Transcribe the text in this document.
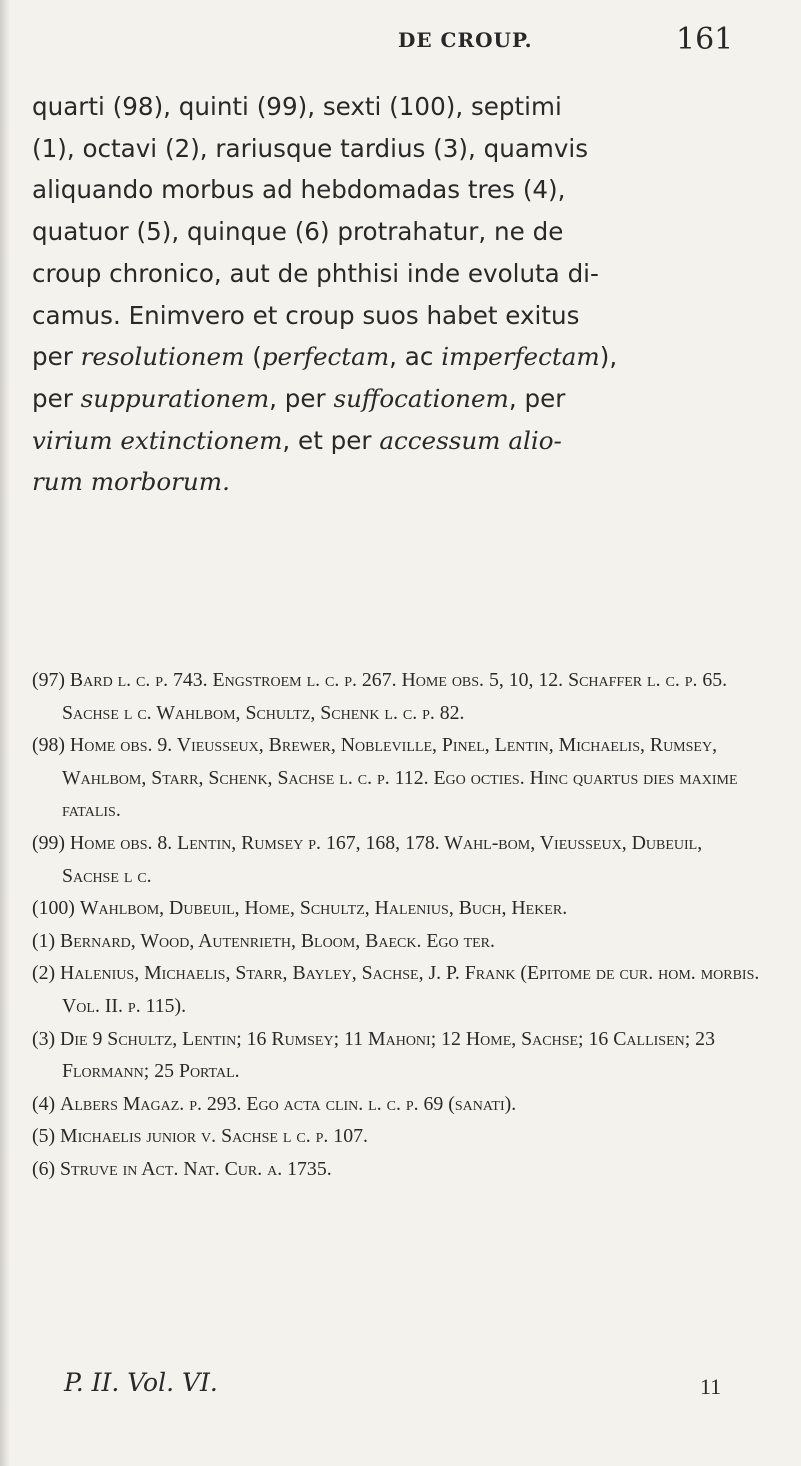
DE CROUP.	161

quarti (98), quinti (99), sexti (100), septimi

(1), octavi (2), rariusque tardius (3), quamvis

aliquando morbus ad hebdomadas tres (4),

quatuor (5), quinque (6) protrahatur, ne de

croup chronico, aut de phthisi inde evoluta di-

camus. Enimvero et croup suos habet exitus

per resolutionem (perfectam, ac imperfectam),

per suppurationem, per suffocationem, per

virium extinctionem, et per accessum alio-

rum morborum.

(97) Bard l. c. p. 743. Engstroem l. c. p. 267. Home obs. 5, 10, 12. Schaffer l. c. p. 65. Sachse l c. Wahlbom, Schultz, Schenk l. c. p. 82.
(98) Home obs. 9. Vieusseux, Brewer, Nobleville, Pinel, Lentin, Michaelis, Rumsey, Wahlbom, Starr, Schenk, Sachse l. c. p. 112. Ego octies. Hinc quartus dies maxime fatalis.
(99) Home obs. 8. Lentin, Rumsey p. 167, 168, 178. Wahl-bom, Vieusseux, Dubeuil, Sachse l c.
(100) Wahlbom, Dubeuil, Home, Schultz, Halenius, Buch, Heker.
(1) Bernard, Wood, Autenrieth, Bloom, Baeck. Ego ter.
(2) Halenius, Michaelis, Starr, Bayley, Sachse, J. P. Frank (Epitome de cur. hom. morbis. Vol. II. p. 115).
(3) Die 9 Schultz, Lentin; 16 Rumsey; 11 Mahoni; 12 Home, Sachse; 16 Callisen; 23 Flormann; 25 Portal.
(4) Albers Magaz. p. 293. Ego acta clin. l. c. p. 69 (sanati).
(5) Michaelis junior v. Sachse l c. p. 107.
(6) Struve in Act. Nat. Cur. a. 1735.
P. II. Vol. VI.	11
